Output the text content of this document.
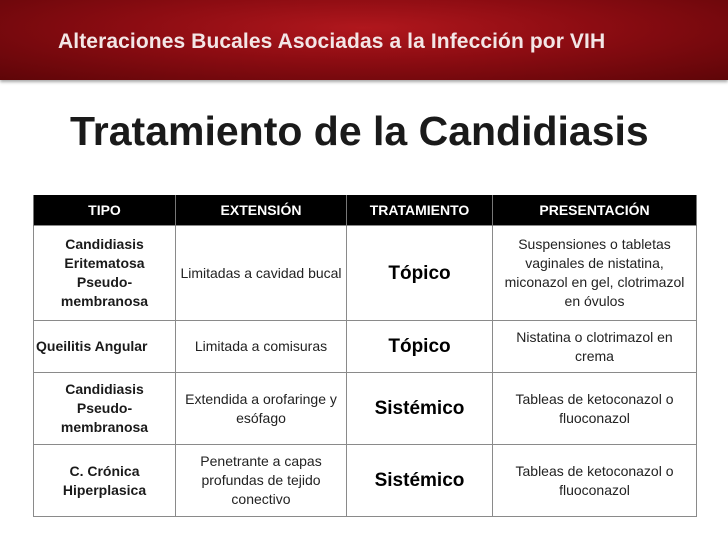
Alteraciones Bucales Asociadas a la Infección por VIH
Tratamiento de la Candidiasis
TIPO	EXTENSIÓN	TRATAMIENTO	PRESENTACIÓN
Candidiasis Eritematosa Pseudo-membranosa	Limitadas a cavidad bucal	Tópico	Suspensiones o tabletas vaginales de nistatina, miconazol en gel, clotrimazol en óvulos
Queilitis Angular	Limitada a comisuras	Tópico	Nistatina o clotrimazol en crema
Candidiasis Pseudo-membranosa	Extendida a orofaringe y esófago	Sistémico	Tableas de ketoconazol o fluoconazol
C. Crónica Hiperplasica	Penetrante a capas profundas de tejido conectivo	Sistémico	Tableas de ketoconazol o fluoconazol
